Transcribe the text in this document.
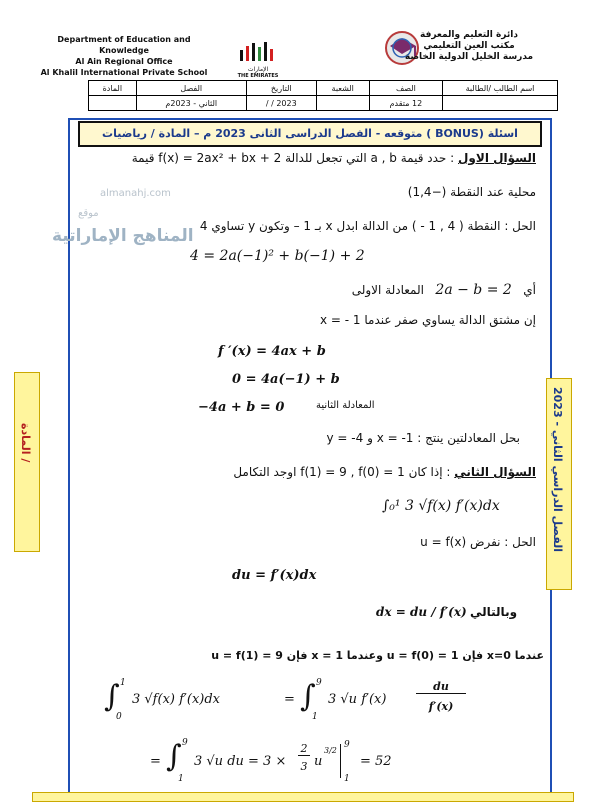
Department of Education and Knowledge
Al Ain Regional Office
Al Khalil International Private School	الإمارات
THE EMIRATES
دائرة التعليم والمعرفة
مكتب العين التعليمي
مدرسة الخليل الدولية الخاصة
اسم الطالب /الطالبة	الصف	الشعبة	التاريخ	الفصل	المادة
	12 متقدم		2023 / /	الثاني - 2023م	
اسئلة (BONUS ) متوقعه - الفصل الدراسى الثانى 2023 م – المادة / رياضيات
المادة /
الفصل الدراسي الثاني - 2023
almanahj.com
موقع
المناهج الإماراتية
السؤال الاول : حدد قيمة a , b التي تجعل للدالة f(x) = 2ax² + bx + 2 قيمة
محلية عند النقطة (−1,4)
الحل : النقطة ( 4 , 1 - ) من الدالة ابدل x بـ 1 – وتكون y تساوي 4
4 = 2a(−1)² + b(−1) + 2
أي   2a − b = 2   المعادلة الاولى
إن مشتق الدالة يساوي صفر عندما x = - 1
f ′(x) = 4ax + b
0 = 4a(−1) + b
−4a + b = 0	المعادلة الثانية
بحل المعادلتين ينتج : x = -1 و y = -4
السؤال الثاني : إذا كان f(1) = 9 , f(0) = 1 اوجد التكامل
∫₀¹ 3 √f(x) f′(x)dx
الحل : نفرض u = f(x)
du = f′(x)dx
وبالتالي
dx = du / f′(x)
عندما x=0 فإن u = f(0) = 1 وعندما x = 1 فإن u = f(1) = 9
∫ 1
0
3 √f(x) f′(x)dx	= ∫ 9
1
3 √u f′(x)
du
f′(x)
= ∫ 9
1
3 √u du = 3 ×
2
3 u
3/2
9
1
= 52
